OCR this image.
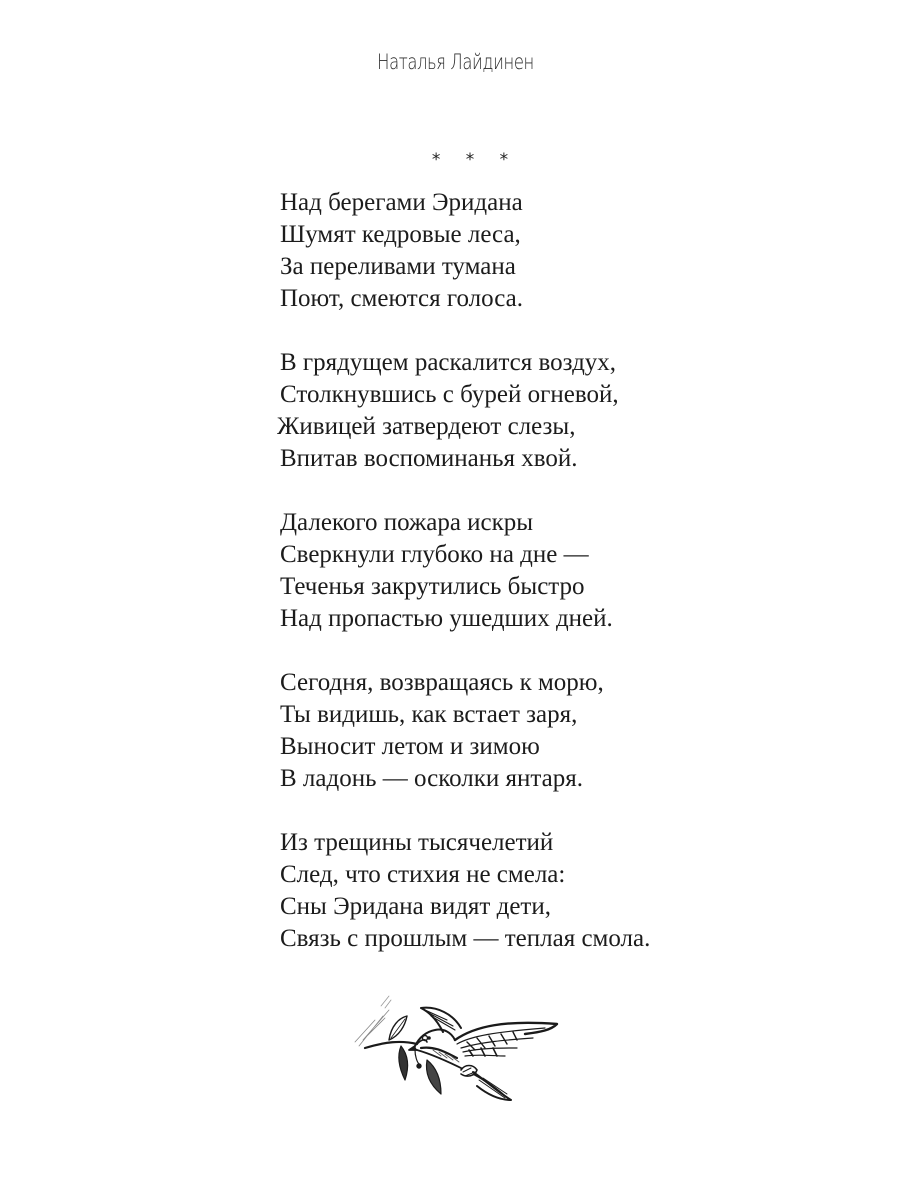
Наталья Лайдинен
* * *
Над берегами Эридана
Шумят кедровые леса,
За переливами тумана
Поют, смеются голоса.
В грядущем раскалится воздух,
Столкнувшись с бурей огневой,
Живицей затвердеют слезы,
Впитав воспоминанья хвой.
Далекого пожара искры
Сверкнули глубоко на дне —
Теченья закрутились быстро
Над пропастью ушедших дней.
Сегодня, возвращаясь к морю,
Ты видишь, как встает заря,
Выносит летом и зимою
В ладонь — осколки янтаря.
Из трещины тысячелетий
След, что стихия не смела:
Сны Эридана видят дети,
Связь с прошлым — теплая смола.
